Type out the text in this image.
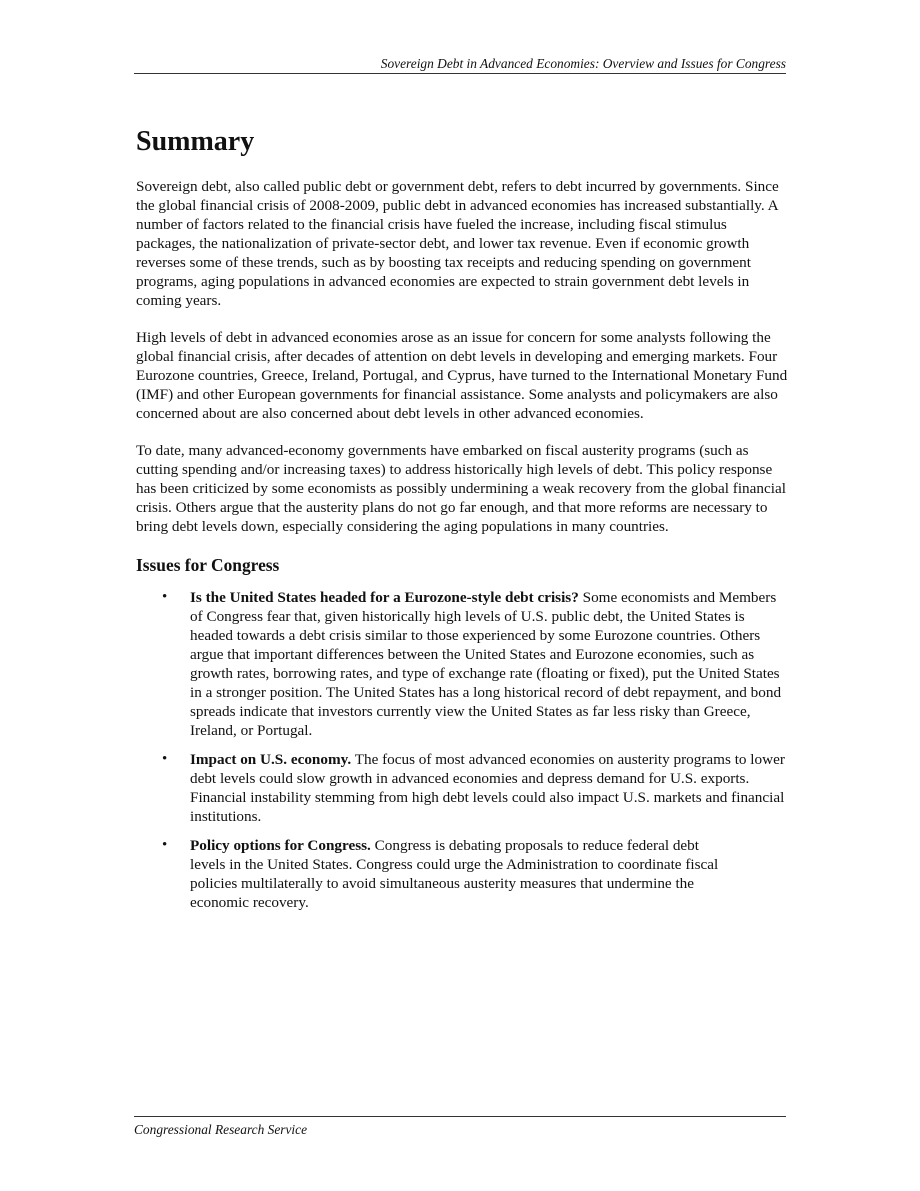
Sovereign Debt in Advanced Economies: Overview and Issues for Congress
Summary

Sovereign debt, also called public debt or government debt, refers to debt incurred by governments. Since the global financial crisis of 2008-2009, public debt in advanced economies has increased substantially. A number of factors related to the financial crisis have fueled the increase, including fiscal stimulus packages, the nationalization of private-sector debt, and lower tax revenue. Even if economic growth reverses some of these trends, such as by boosting tax receipts and reducing spending on government programs, aging populations in advanced economies are expected to strain government debt levels in coming years.

High levels of debt in advanced economies arose as an issue for concern for some analysts following the global financial crisis, after decades of attention on debt levels in developing and emerging markets. Four Eurozone countries, Greece, Ireland, Portugal, and Cyprus, have turned to the International Monetary Fund (IMF) and other European governments for financial assistance. Some analysts and policymakers are also concerned about are also concerned about debt levels in other advanced economies.

To date, many advanced-economy governments have embarked on fiscal austerity programs (such as cutting spending and/or increasing taxes) to address historically high levels of debt. This policy response has been criticized by some economists as possibly undermining a weak recovery from the global financial crisis. Others argue that the austerity plans do not go far enough, and that more reforms are necessary to bring debt levels down, especially considering the aging populations in many countries.

Issues for Congress
• Is the United States headed for a Eurozone-style debt crisis? Some economists and Members of Congress fear that, given historically high levels of U.S. public debt, the United States is headed towards a debt crisis similar to those experienced by some Eurozone countries. Others argue that important differences between the United States and Eurozone economies, such as growth rates, borrowing rates, and type of exchange rate (floating or fixed), put the United States in a stronger position. The United States has a long historical record of debt repayment, and bond spreads indicate that investors currently view the United States as far less risky than Greece, Ireland, or Portugal.
• Impact on U.S. economy. The focus of most advanced economies on austerity programs to lower debt levels could slow growth in advanced economies and depress demand for U.S. exports. Financial instability stemming from high debt levels could also impact U.S. markets and financial institutions.
• Policy options for Congress. Congress is debating proposals to reduce federal debt levels in the United States. Congress could urge the Administration to coordinate fiscal policies multilaterally to avoid simultaneous austerity measures that undermine the economic recovery.
Congressional Research Service
